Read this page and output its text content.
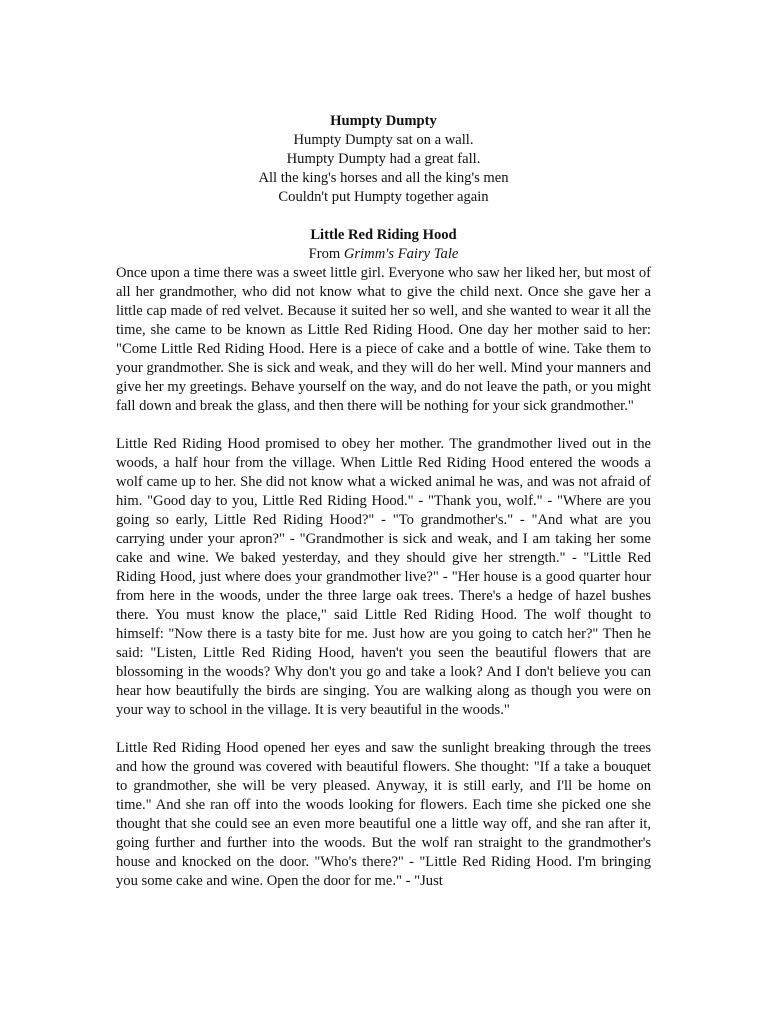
Humpty Dumpty
Humpty Dumpty sat on a wall.
Humpty Dumpty had a great fall.
All the king's horses and all the king's men
Couldn't put Humpty together again
Little Red Riding Hood
From Grimm's Fairy Tale

Once upon a time there was a sweet little girl. Everyone who saw her liked her, but most of all her grandmother, who did not know what to give the child next. Once she gave her a little cap made of red velvet. Because it suited her so well, and she wanted to wear it all the time, she came to be known as Little Red Riding Hood. One day her mother said to her: "Come Little Red Riding Hood. Here is a piece of cake and a bottle of wine. Take them to your grandmother. She is sick and weak, and they will do her well. Mind your manners and give her my greetings. Behave yourself on the way, and do not leave the path, or you might fall down and break the glass, and then there will be nothing for your sick grandmother."

Little Red Riding Hood promised to obey her mother. The grandmother lived out in the woods, a half hour from the village. When Little Red Riding Hood entered the woods a wolf came up to her. She did not know what a wicked animal he was, and was not afraid of him. "Good day to you, Little Red Riding Hood." - "Thank you, wolf." - "Where are you going so early, Little Red Riding Hood?" - "To grandmother's." - "And what are you carrying under your apron?" - "Grandmother is sick and weak, and I am taking her some cake and wine. We baked yesterday, and they should give her strength." - "Little Red Riding Hood, just where does your grandmother live?" - "Her house is a good quarter hour from here in the woods, under the three large oak trees. There's a hedge of hazel bushes there. You must know the place," said Little Red Riding Hood. The wolf thought to himself: "Now there is a tasty bite for me. Just how are you going to catch her?" Then he said: "Listen, Little Red Riding Hood, haven't you seen the beautiful flowers that are blossoming in the woods? Why don't you go and take a look? And I don't believe you can hear how beautifully the birds are singing. You are walking along as though you were on your way to school in the village. It is very beautiful in the woods."

Little Red Riding Hood opened her eyes and saw the sunlight breaking through the trees and how the ground was covered with beautiful flowers. She thought: "If a take a bouquet to grandmother, she will be very pleased. Anyway, it is still early, and I'll be home on time." And she ran off into the woods looking for flowers. Each time she picked one she thought that she could see an even more beautiful one a little way off, and she ran after it, going further and further into the woods. But the wolf ran straight to the grandmother's house and knocked on the door. "Who's there?" - "Little Red Riding Hood. I'm bringing you some cake and wine. Open the door for me." - "Just
